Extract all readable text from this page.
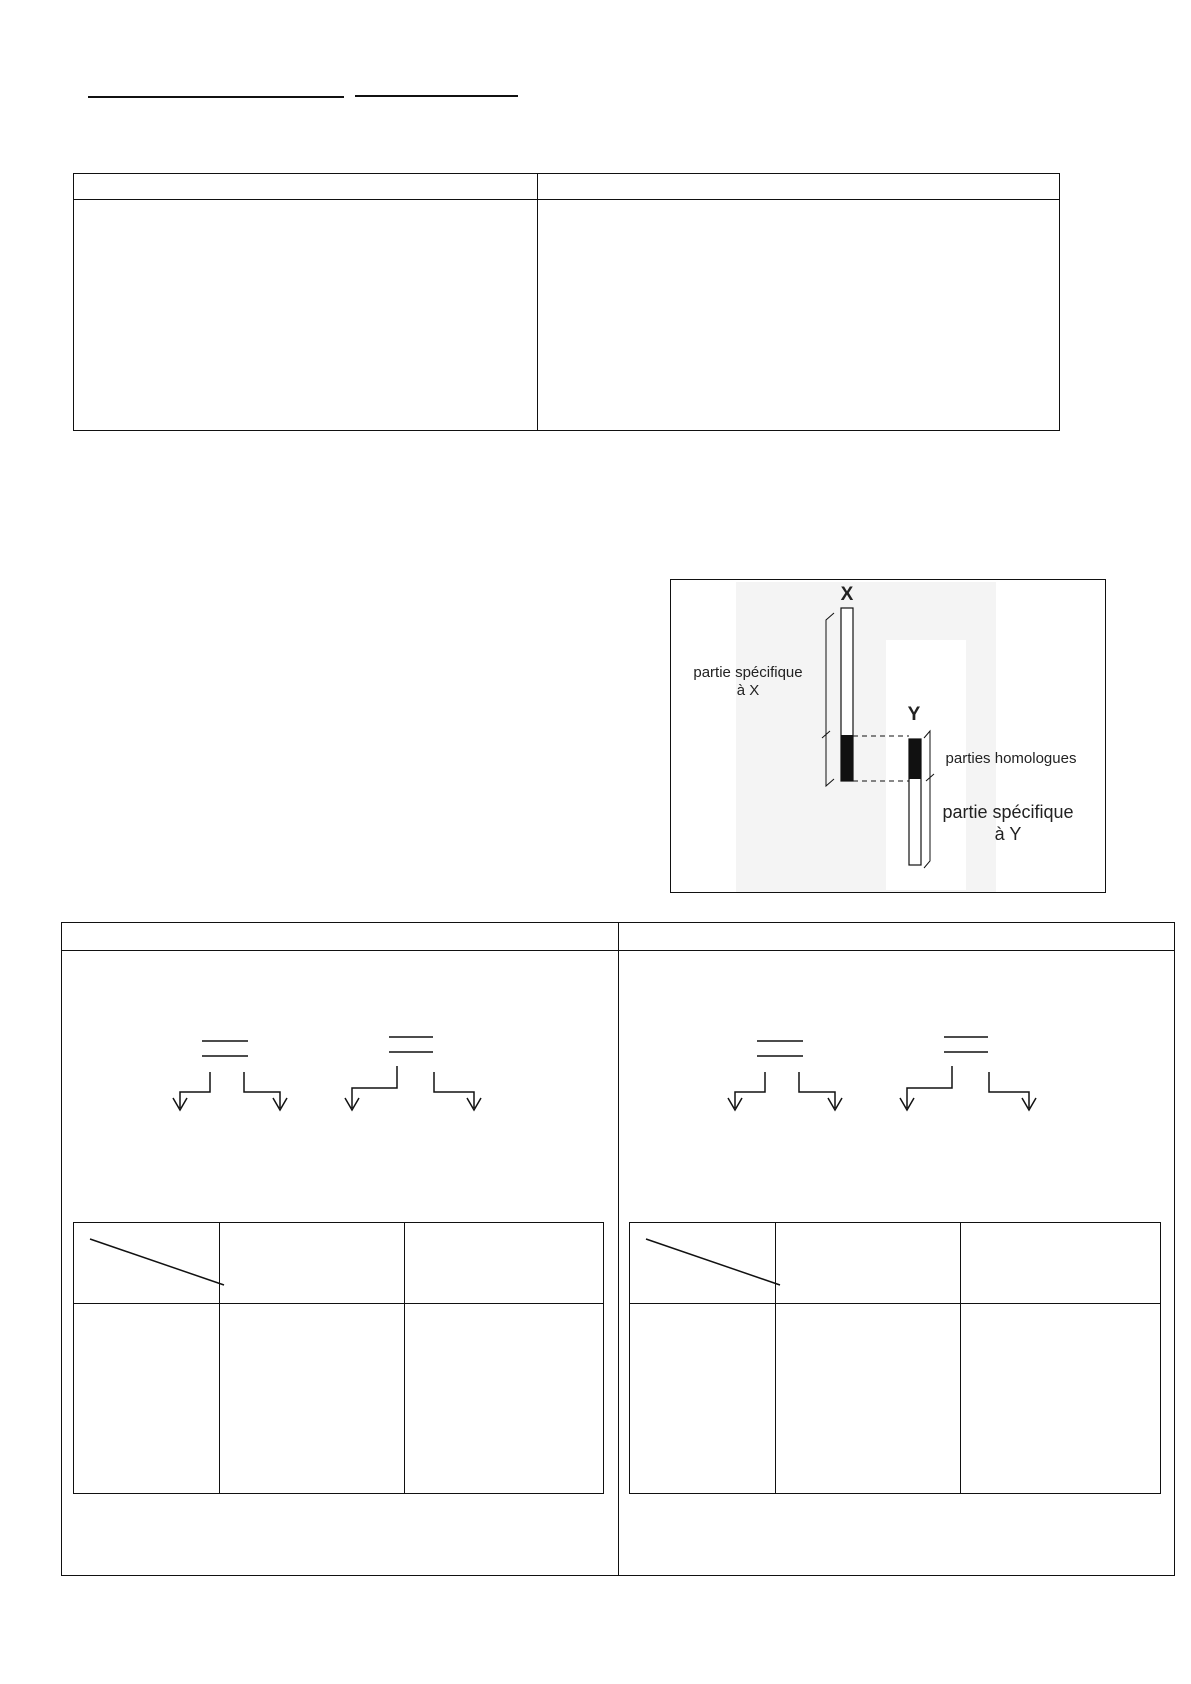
X
Y
partie spécifique
à X
parties homologues
partie spécifique
à Y
